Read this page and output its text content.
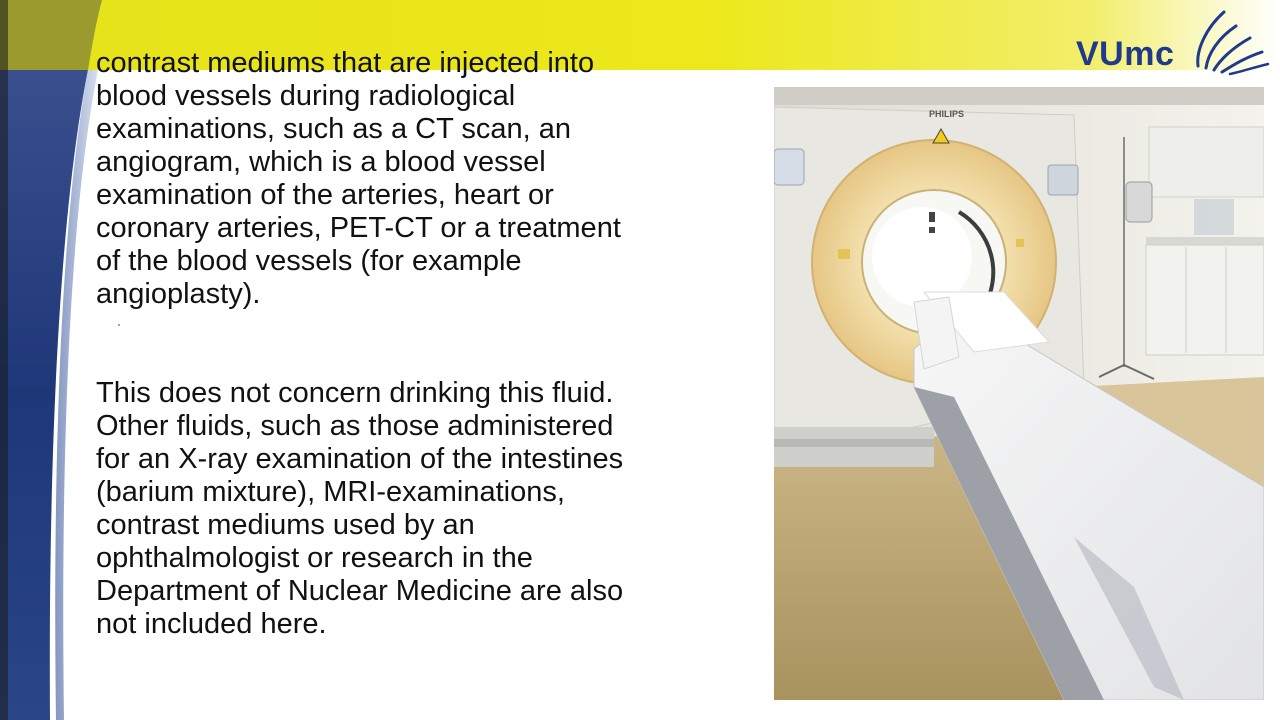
contrast mediums that are injected into
blood vessels during radiological
examinations, such as a CT scan, an
angiogram, which is a blood vessel
examination of the arteries, heart or
coronary arteries, PET-CT or a treatment
of the blood vessels (for example
angioplasty).

This does not concern drinking this fluid.
Other fluids, such as those administered
for an X-ray examination of the intestines
(barium mixture), MRI-examinations,
contrast mediums used by an
ophthalmologist or research in the
Department of Nuclear Medicine are also
not included here.

VUmc
PHILIPS
